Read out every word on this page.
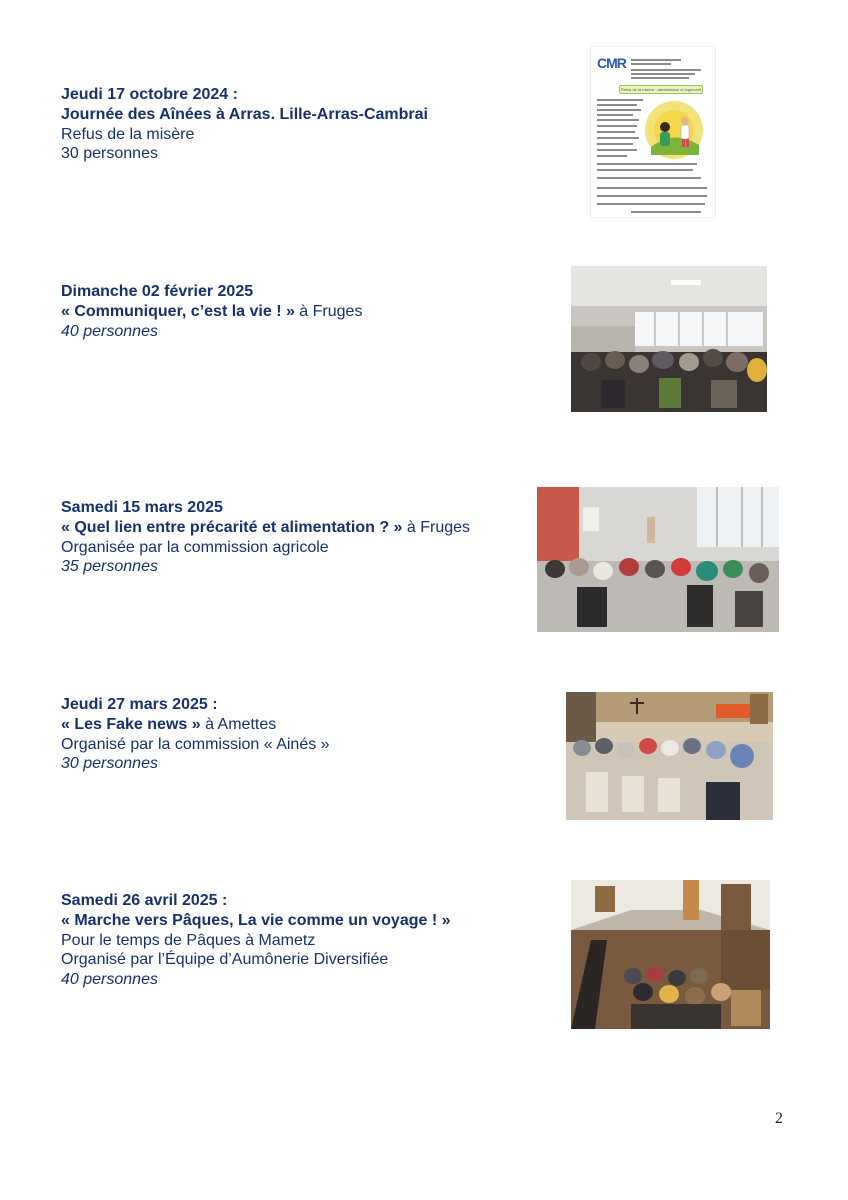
Jeudi 17 octobre 2024 :
Journée des Aînées à Arras. Lille-Arras-Cambrai
Refus de la misère
30 personnes
CMR
Refus de la misère : alimentation et logement
Dimanche 02 février 2025
« Communiquer, c’est la vie ! » à Fruges
40 personnes
Samedi 15 mars 2025
« Quel lien entre précarité et alimentation ? » à Fruges
Organisée par la commission agricole
35 personnes
Jeudi 27 mars 2025 :
« Les Fake news » à Amettes
Organisé par la commission « Ainés »
30 personnes
Samedi 26 avril 2025 :
« Marche vers Pâques, La vie comme un voyage ! »
Pour le temps de Pâques à Mametz
Organisé par l’Équipe d’Aumônerie Diversifiée
40 personnes
2
